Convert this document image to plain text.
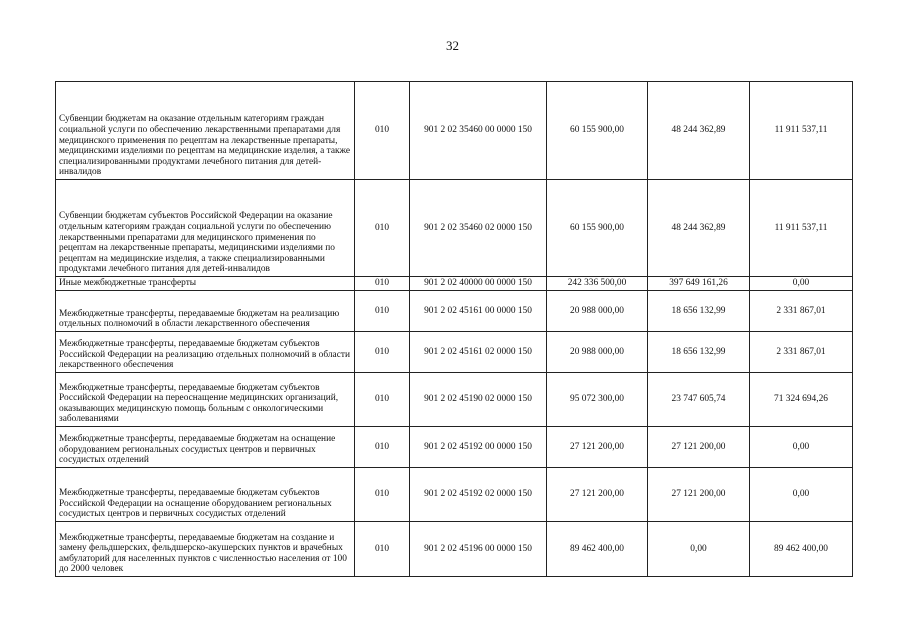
32
Субвенции бюджетам на оказание отдельным категориям граждан социальной услуги по обеспечению лекарственными препаратами для медицинского применения по рецептам на лекарственные препараты, медицинскими изделиями по рецептам на медицинские изделия, а также специализированными продуктами лечебного питания для детей-инвалидов	010	901 2 02 35460 00 0000 150	60 155 900,00	48 244 362,89	11 911 537,11
Субвенции бюджетам субъектов Российской Федерации на оказание отдельным категориям граждан социальной услуги по обеспечению лекарственными препаратами для медицинского применения по рецептам на лекарственные препараты, медицинскими изделиями по рецептам на медицинские изделия, а также специализированными продуктами лечебного питания для детей-инвалидов	010	901 2 02 35460 02 0000 150	60 155 900,00	48 244 362,89	11 911 537,11
Иные межбюджетные трансферты	010	901 2 02 40000 00 0000 150	242 336 500,00	397 649 161,26	0,00
Межбюджетные трансферты, передаваемые бюджетам на реализацию отдельных полномочий в области лекарственного обеспечения	010	901 2 02 45161 00 0000 150	20 988 000,00	18 656 132,99	2 331 867,01
Межбюджетные трансферты, передаваемые бюджетам субъектов Российской Федерации на реализацию отдельных полномочий в области лекарственного обеспечения	010	901 2 02 45161 02 0000 150	20 988 000,00	18 656 132,99	2 331 867,01
Межбюджетные трансферты, передаваемые бюджетам субъектов Российской Федерации на переоснащение медицинских организаций, оказывающих медицинскую помощь больным с онкологическими заболеваниями	010	901 2 02 45190 02 0000 150	95 072 300,00	23 747 605,74	71 324 694,26
Межбюджетные трансферты, передаваемые бюджетам на оснащение оборудованием региональных сосудистых центров и первичных сосудистых отделений	010	901 2 02 45192 00 0000 150	27 121 200,00	27 121 200,00	0,00
Межбюджетные трансферты, передаваемые бюджетам субъектов Российской Федерации на оснащение оборудованием региональных сосудистых центров и первичных сосудистых отделений	010	901 2 02 45192 02 0000 150	27 121 200,00	27 121 200,00	0,00
Межбюджетные трансферты, передаваемые бюджетам на создание и замену фельдшерских, фельдшерско-акушерских пунктов и врачебных амбулаторий для населенных пунктов с численностью населения от 100 до 2000 человек	010	901 2 02 45196 00 0000 150	89 462 400,00	0,00	89 462 400,00
